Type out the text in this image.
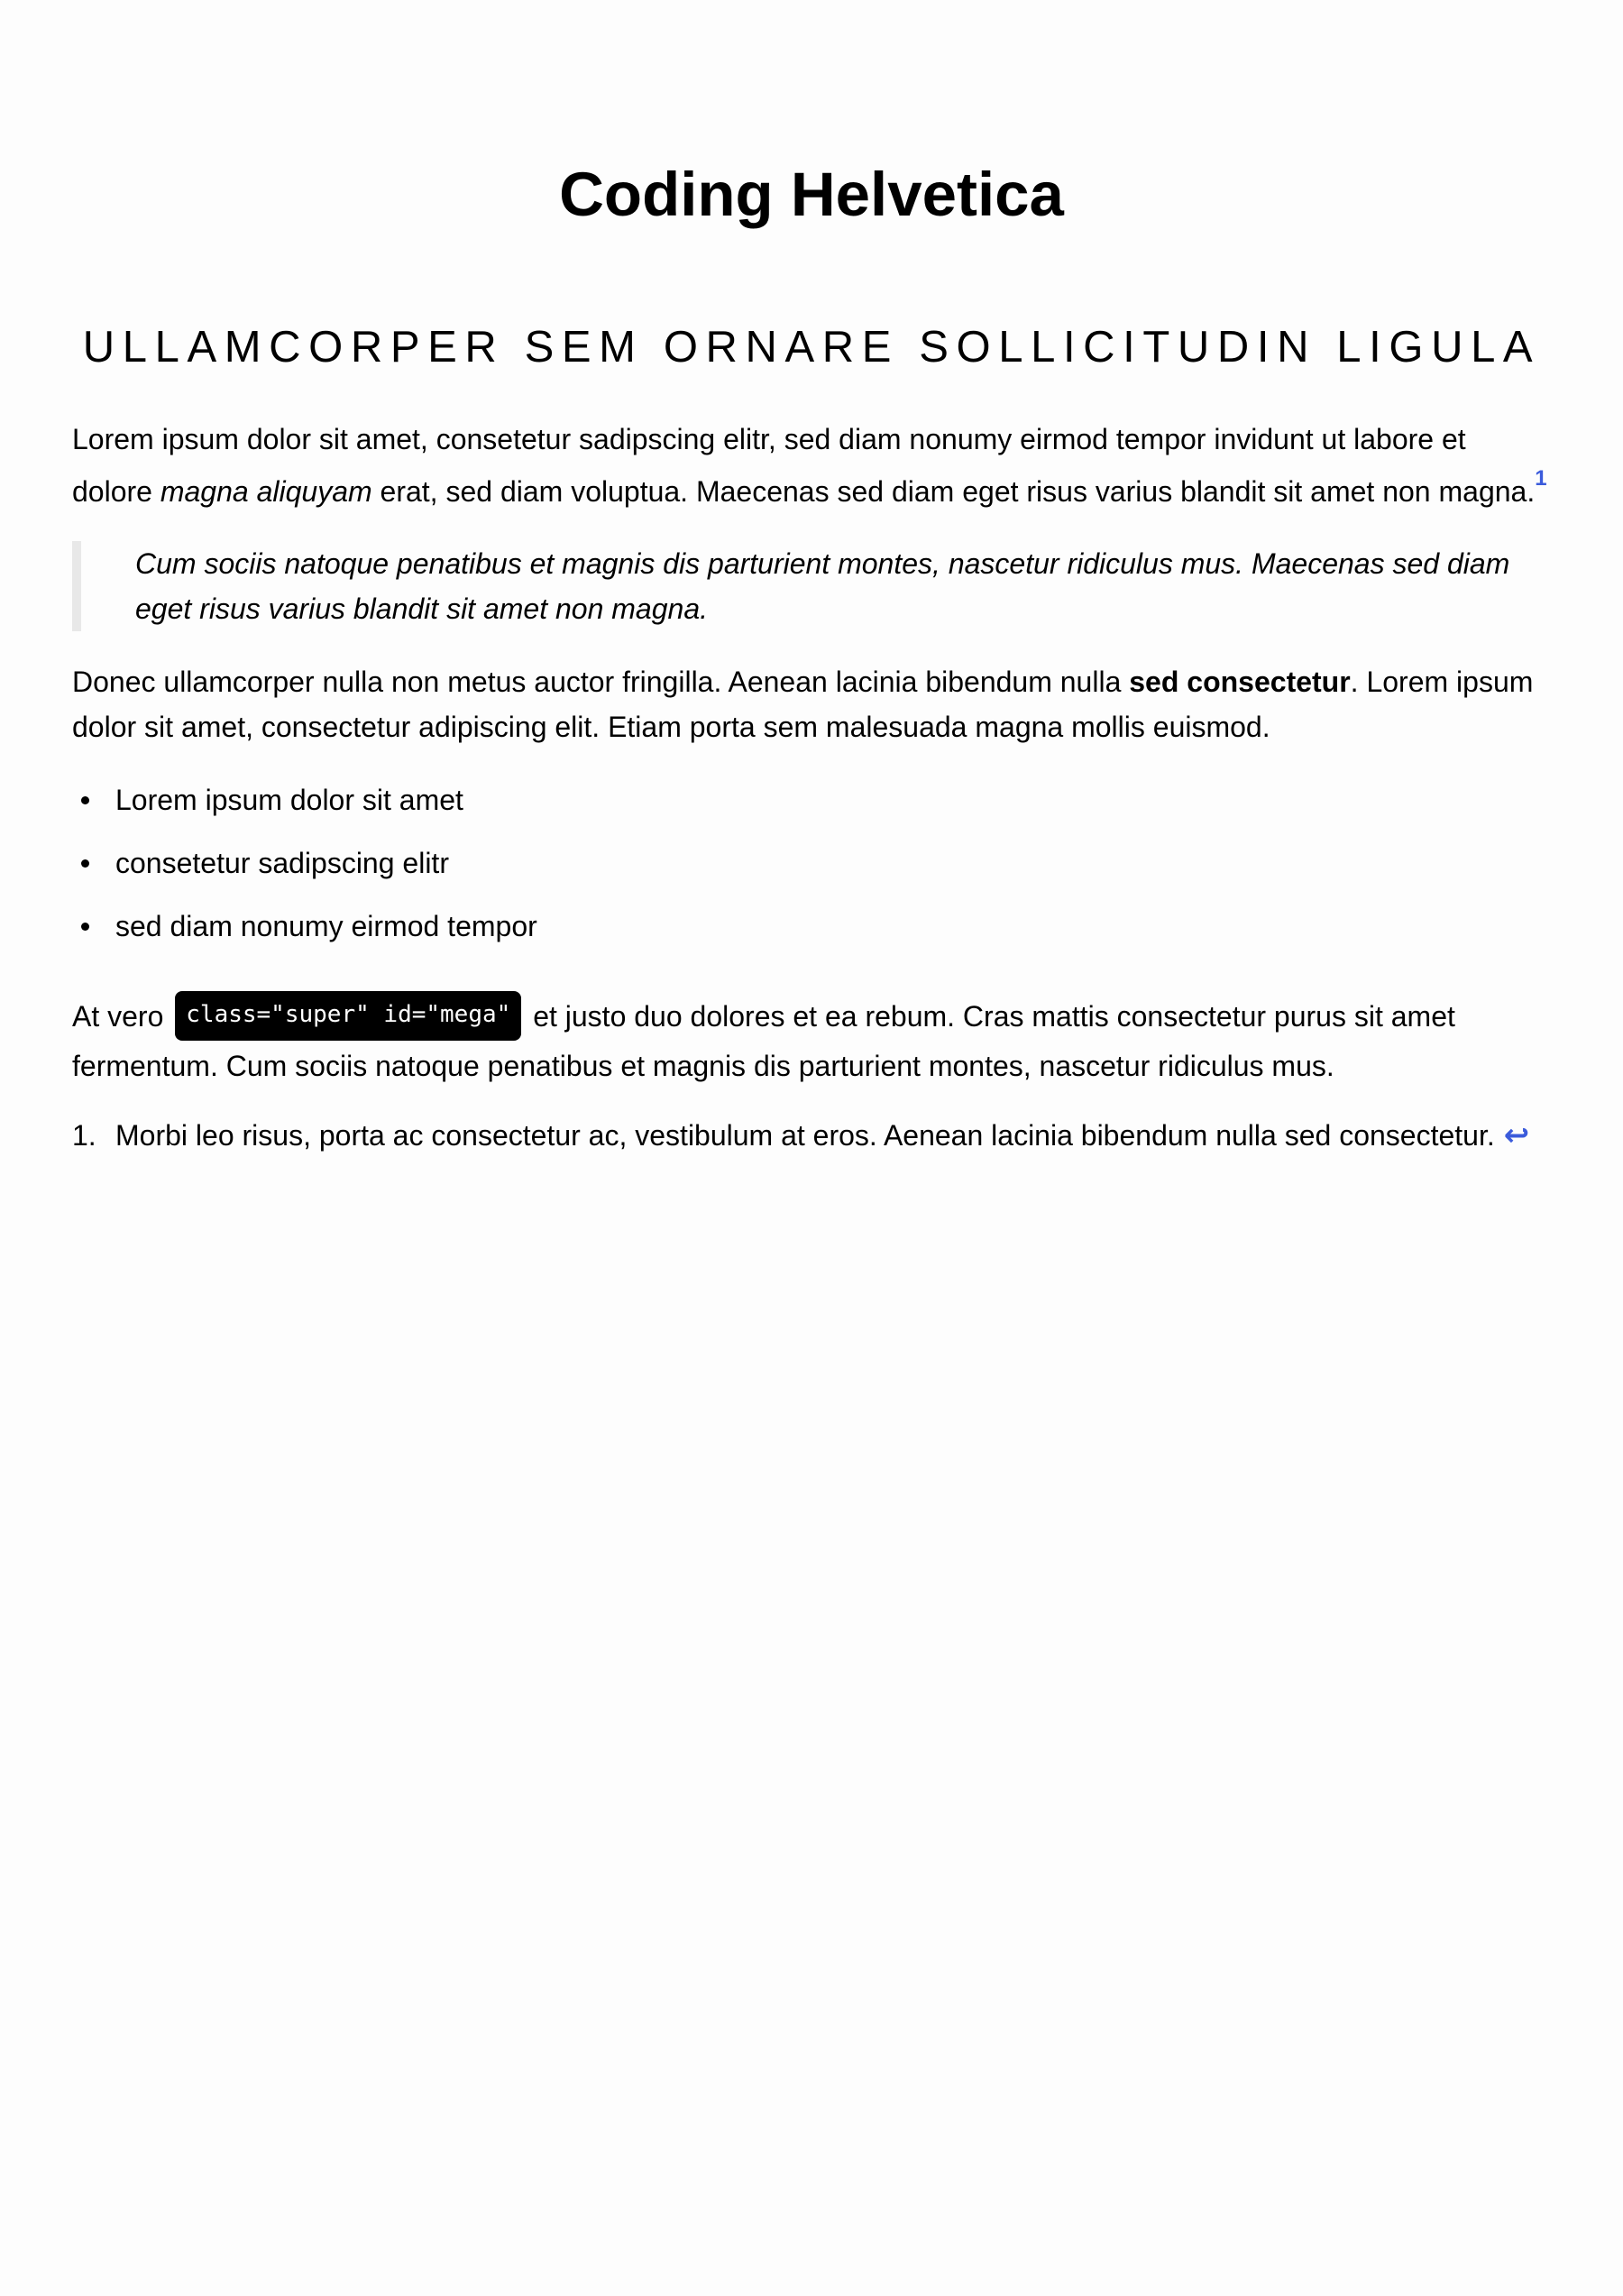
Coding Helvetica
ULLAMCORPER SEM ORNARE SOLLICITUDIN LIGULA

Lorem ipsum dolor sit amet, consetetur sadipscing elitr, sed diam nonumy eirmod tempor invidunt ut labore et dolore magna aliquyam erat, sed diam voluptua. Maecenas sed diam eget risus varius blandit sit amet non magna.$^1$

Cum sociis natoque penatibus et magnis dis parturient montes, nascetur ridiculus mus. Maecenas sed diam eget risus varius blandit sit amet non magna.

Donec ullamcorper nulla non metus auctor fringilla. Aenean lacinia bibendum nulla sed consectetur. Lorem ipsum dolor sit amet, consectetur adipiscing elit. Etiam porta sem malesuada magna mollis euismod.

Lorem ipsum dolor sit amet
consetetur sadipscing elitr
sed diam nonumy eirmod tempor

At vero class="super" id="mega" et justo duo dolores et ea rebum. Cras mattis consectetur purus sit amet fermentum. Cum sociis natoque penatibus et magnis dis parturient montes, nascetur ridiculus mus.

1. Morbi leo risus, porta ac consectetur ac, vestibulum at eros. Aenean lacinia bibendum nulla sed consectetur. ↩
